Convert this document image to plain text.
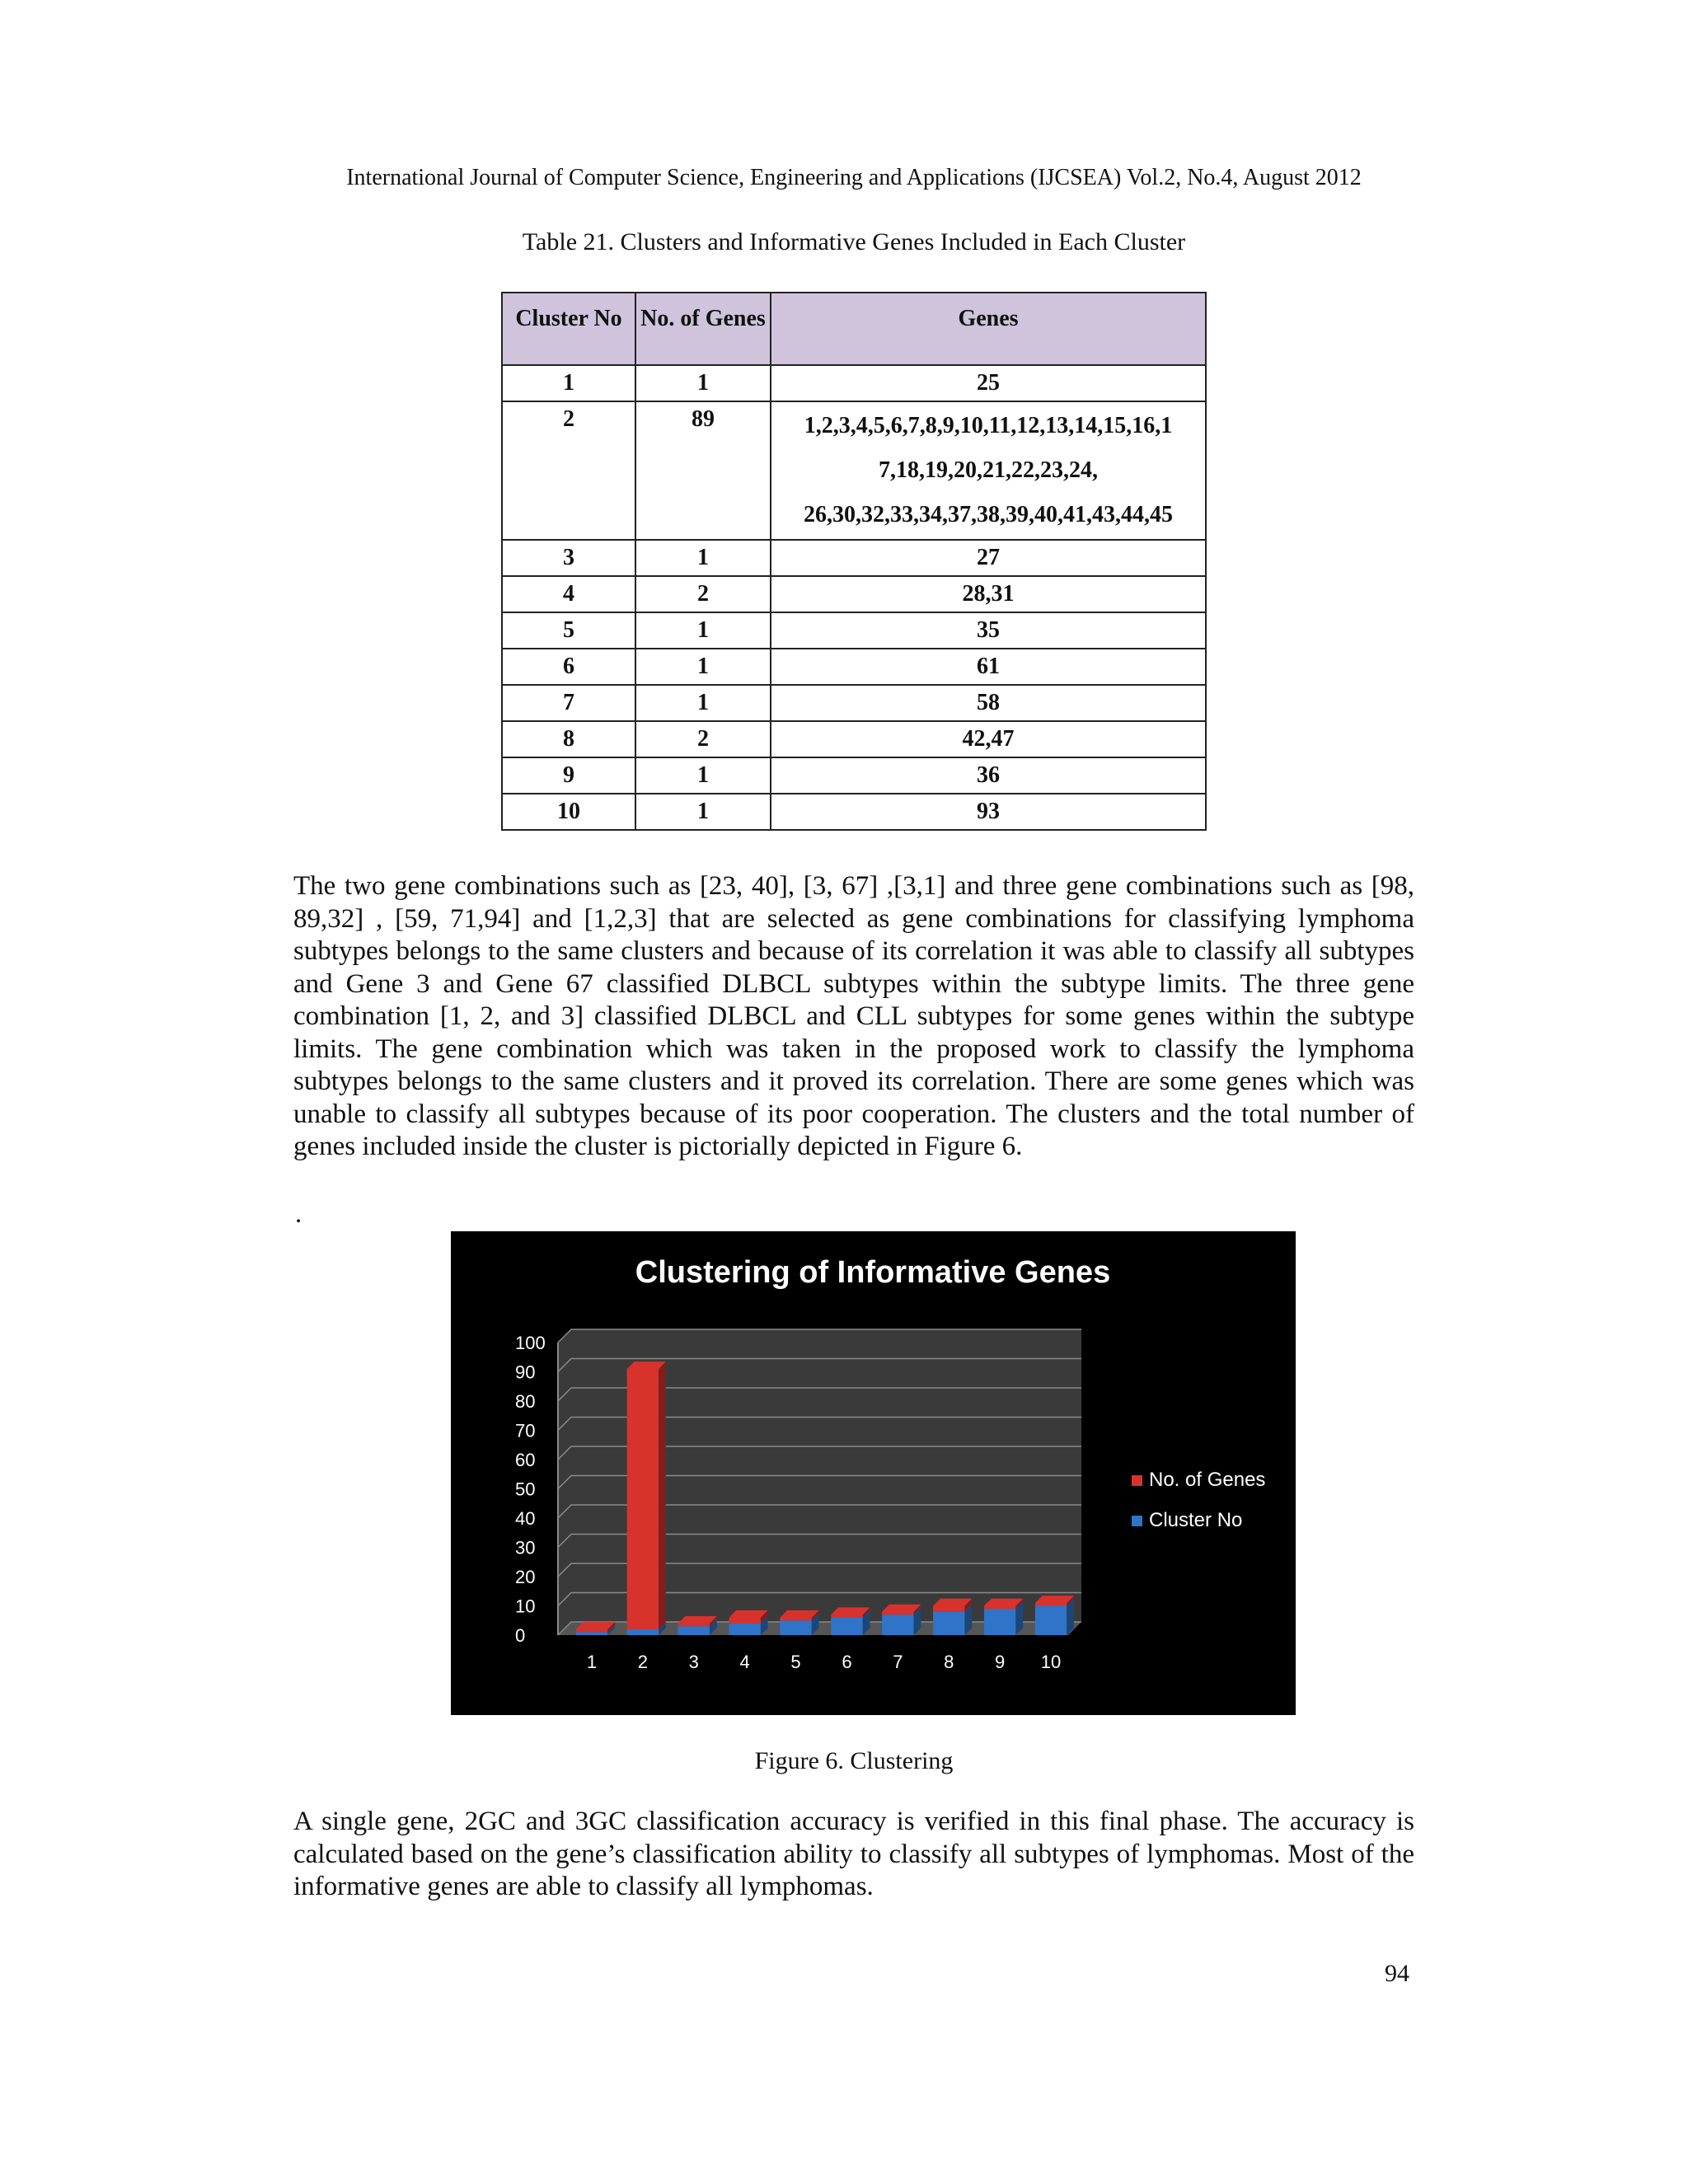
International Journal of Computer Science, Engineering and Applications (IJCSEA) Vol.2, No.4, August 2012
Table 21. Clusters and Informative Genes Included in Each Cluster
Cluster No	No. of Genes	Genes
1	1	25

2	89	1,2,3,4,5,6,7,8,9,10,11,12,13,14,15,16,1
7,18,19,20,21,22,23,24,
26,30,32,33,34,37,38,39,40,41,43,44,45

3	1	27

4	2	28,31

5	1	35

6	1	61

7	1	58

8	2	42,47

9	1	36

10	1	93

The two gene combinations such as [23, 40], [3, 67] ,[3,1] and three gene combinations such as [98, 89,32] , [59, 71,94] and [1,2,3] that are selected as gene combinations for classifying lymphoma subtypes belongs to the same clusters and because of its correlation it was able to classify all subtypes and Gene 3 and Gene 67 classified DLBCL subtypes within the subtype limits. The three gene combination [1, 2, and 3] classified DLBCL and CLL subtypes for some genes within the subtype limits. The gene combination which was taken in the proposed work to classify the lymphoma subtypes belongs to the same clusters and it proved its correlation. There are some genes which was unable to classify all subtypes because of its poor cooperation. The clusters and the total number of genes included inside the cluster is pictorially depicted in Figure 6.

.
0
10
20
30
40
50
60
70
80
90
100
1 2 3 4 5 6 7 8 9 10
Clustering of Informative Genes
No. of Genes
Cluster No
Figure 6. Clustering

A single gene, 2GC and 3GC classification accuracy is verified in this final phase. The accuracy is calculated based on the gene’s classification ability to classify all subtypes of lymphomas. Most of the informative genes are able to classify all lymphomas.

94
